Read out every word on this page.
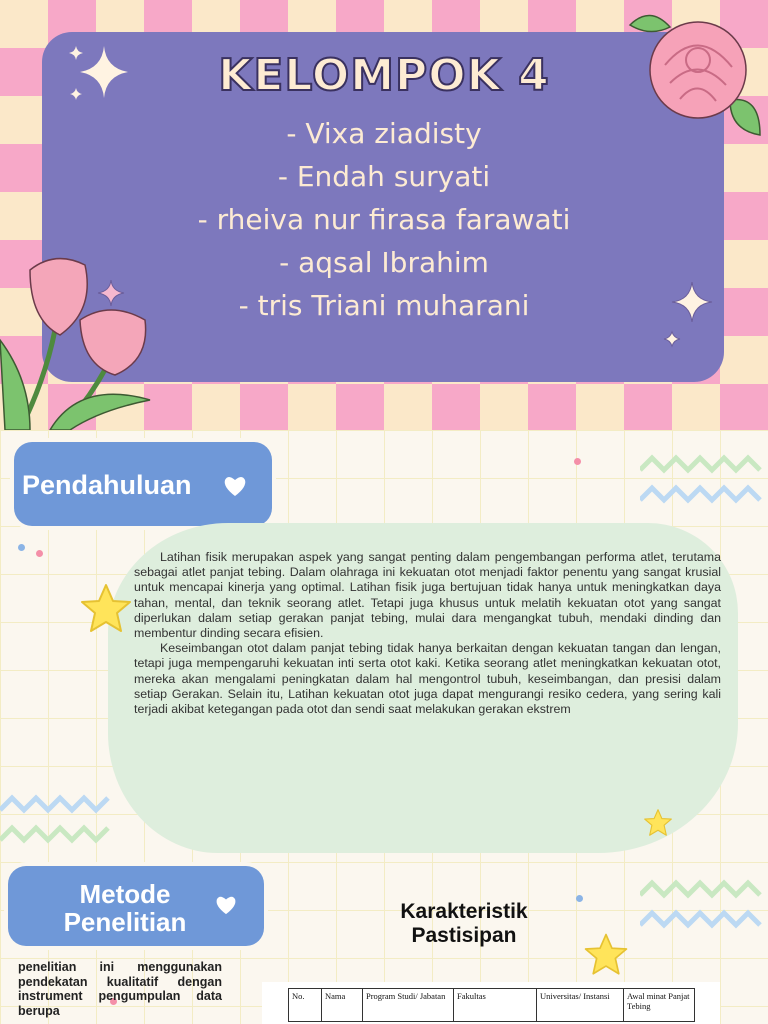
KELOMPOK 4
- Vixa ziadisty
- Endah suryati
- rheiva nur firasa farawati
- aqsal Ibrahim
- tris Triani muharani
Pendahuluan

Latihan fisik merupakan aspek yang sangat penting dalam pengembangan performa atlet, terutama sebagai atlet panjat tebing. Dalam olahraga ini kekuatan otot menjadi faktor penentu yang sangat krusial untuk mencapai kinerja yang optimal. Latihan fisik juga bertujuan tidak hanya untuk meningkatkan daya tahan, mental, dan teknik seorang atlet. Tetapi juga khusus untuk melatih kekuatan otot yang sangat diperlukan dalam setiap gerakan panjat tebing, mulai dara mengangkat tubuh, mendaki dinding dan membentur dinding secara efisien.

Keseimbangan otot dalam panjat tebing tidak hanya berkaitan dengan kekuatan tangan dan lengan, tetapi juga mempengaruhi kekuatan inti serta otot kaki. Ketika seorang atlet meningkatkan kekuatan otot, mereka akan mengalami peningkatan dalam hal mengontrol tubuh, keseimbangan, dan presisi dalam setiap Gerakan. Selain itu, Latihan kekuatan otot juga dapat mengurangi resiko cedera, yang sering kali terjadi akibat ketegangan pada otot dan sendi saat melakukan gerakan ekstrem

Metode
Penelitian
penelitian ini menggunakan pendekatan kualitatif dengan instrument pengumpulan data berupa
Karakteristik
Pastisipan
No.	Nama	Program Studi/ Jabatan	Fakultas	Universitas/ Instansi	Awal minat Panjat Tebing
